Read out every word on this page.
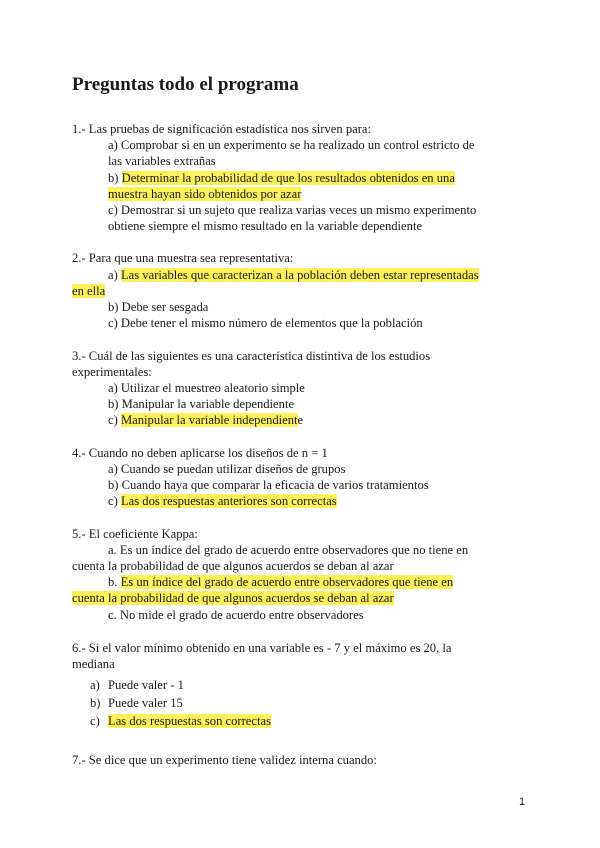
Preguntas todo el programa
1.- Las pruebas de significación estadística nos sirven para:
a) Comprobar si en un experimento se ha realizado un control estricto de
las variables extrañas
b) Determinar la probabilidad de que los resultados obtenidos en una
muestra hayan sido obtenidos por azar
c) Demostrar si un sujeto que realiza varias veces un mismo experimento
obtiene siempre el mismo resultado en la variable dependiente
2.- Para que una muestra sea representativa:
a) Las variables que caracterizan a la población deben estar representadas
en ella
b) Debe ser sesgada
c) Debe tener el mismo número de elementos que la población
3.- Cuál de las siguientes es una característica distintiva de los estudios
experimentales:
a) Utilizar el muestreo aleatorio simple
b) Manipular la variable dependiente
c) Manipular la variable independiente
4.- Cuando no deben aplicarse los diseños de n = 1
a) Cuando se puedan utilizar diseños de grupos
b) Cuando haya que comparar la eficacia de varios tratamientos
c) Las dos respuestas anteriores son correctas
5.- El coeficiente Kappa:
a. Es un índice del grado de acuerdo entre observadores que no tiene en
cuenta la probabilidad de que algunos acuerdos se deban al azar
b. Es un índice del grado de acuerdo entre observadores que tiene en
cuenta la probabilidad de que algunos acuerdos se deban al azar
c. No mide el grado de acuerdo entre observadores
6.- Si el valor mínimo obtenido en una variable es - 7 y el máximo es 20, la
mediana
a) Puede valer - 1
b) Puede valer 15
c) Las dos respuestas son correctas
7.- Se dice que un experimento tiene validez interna cuando:
1
